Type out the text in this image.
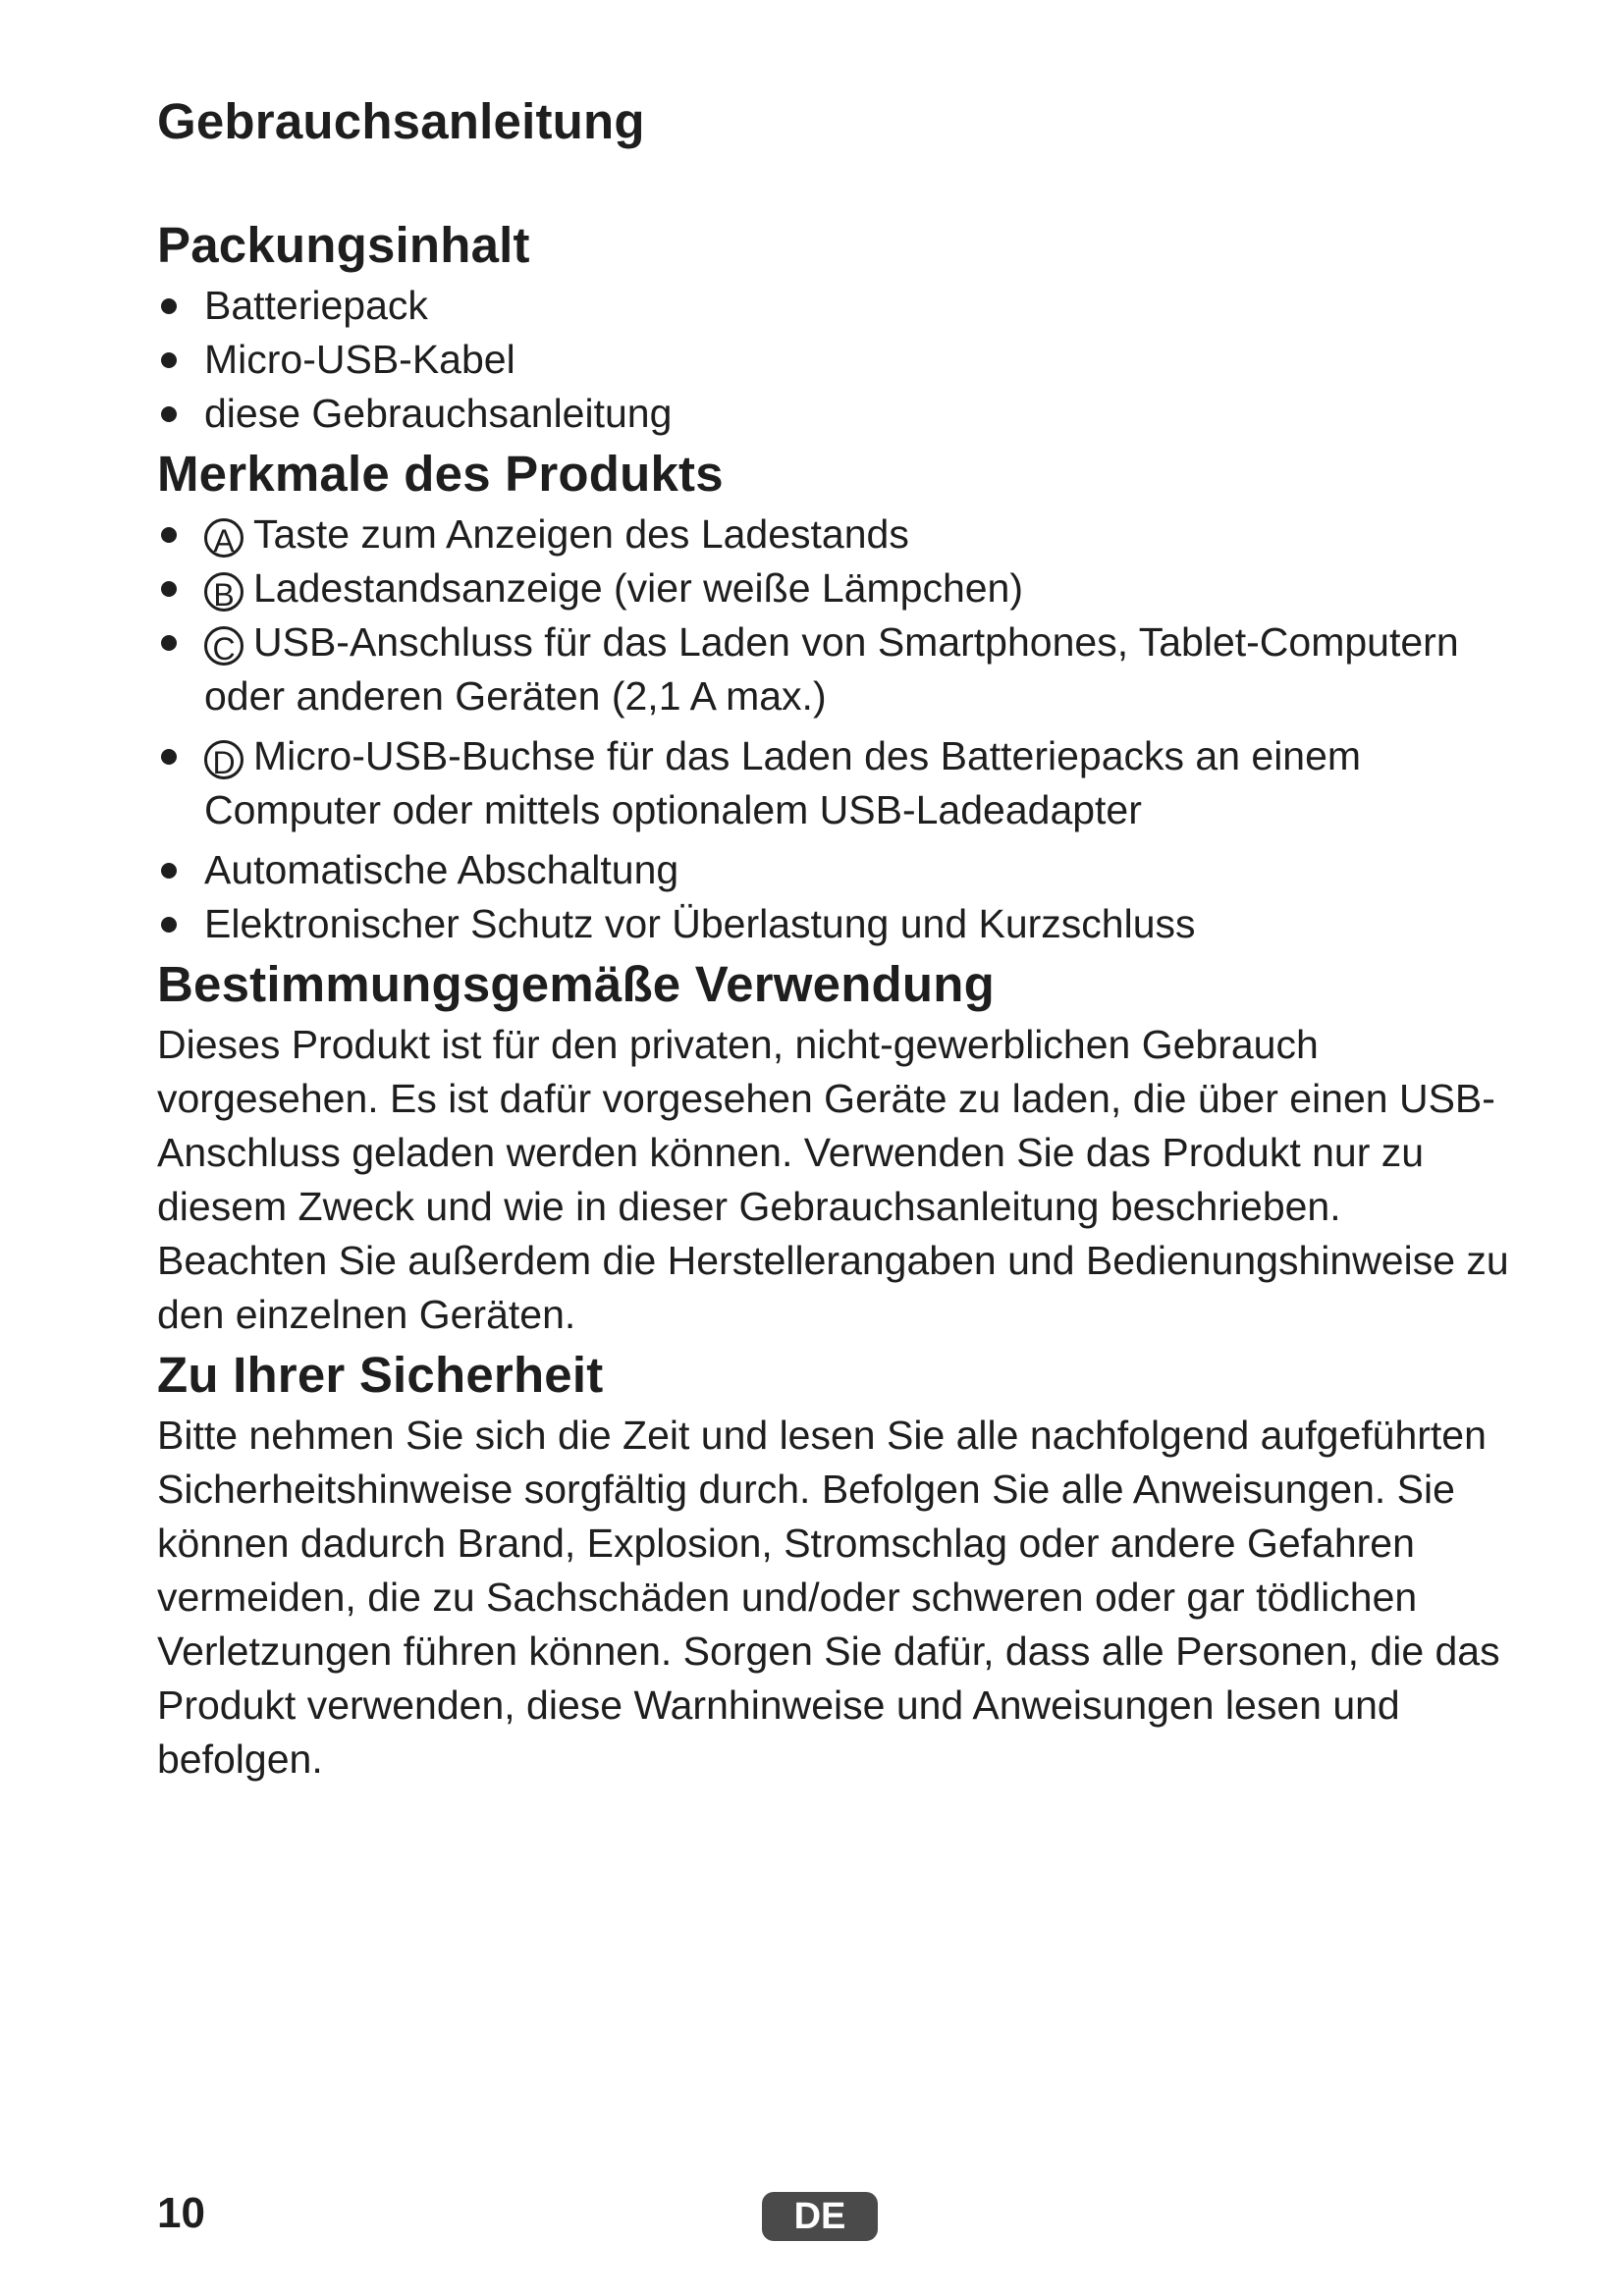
Gebrauchsanleitung
Packungsinhalt
Batteriepack
Micro-USB-Kabel
diese Gebrauchsanleitung
Merkmale des Produkts
A Taste zum Anzeigen des Ladestands
B Ladestandsanzeige (vier weiße Lämpchen)
C USB-Anschluss für das Laden von Smartphones, Tablet-Computern oder anderen Geräten (2,1 A max.)
D Micro-USB-Buchse für das Laden des Batteriepacks an einem Computer oder mittels optionalem USB-Ladeadapter
Automatische Abschaltung
Elektronischer Schutz vor Überlastung und Kurzschluss
Bestimmungsgemäße Verwendung

Dieses Produkt ist für den privaten, nicht-gewerblichen Gebrauch vorgesehen. Es ist dafür vorgesehen Geräte zu laden, die über einen USB-Anschluss geladen werden können. Verwenden Sie das Produkt nur zu diesem Zweck und wie in dieser Gebrauchsanleitung beschrieben. Beachten Sie außerdem die Herstellerangaben und Bedienungshinweise zu den einzelnen Geräten.

Zu Ihrer Sicherheit

Bitte nehmen Sie sich die Zeit und lesen Sie alle nachfolgend aufgeführten Sicherheitshinweise sorgfältig durch. Befolgen Sie alle Anweisungen. Sie können dadurch Brand, Explosion, Stromschlag oder andere Gefahren vermeiden, die zu Sachschäden und/oder schweren oder gar tödlichen Verletzungen führen können. Sorgen Sie dafür, dass alle Personen, die das Produkt verwenden, diese Warnhinweise und Anweisungen lesen und befolgen.

10	DE
